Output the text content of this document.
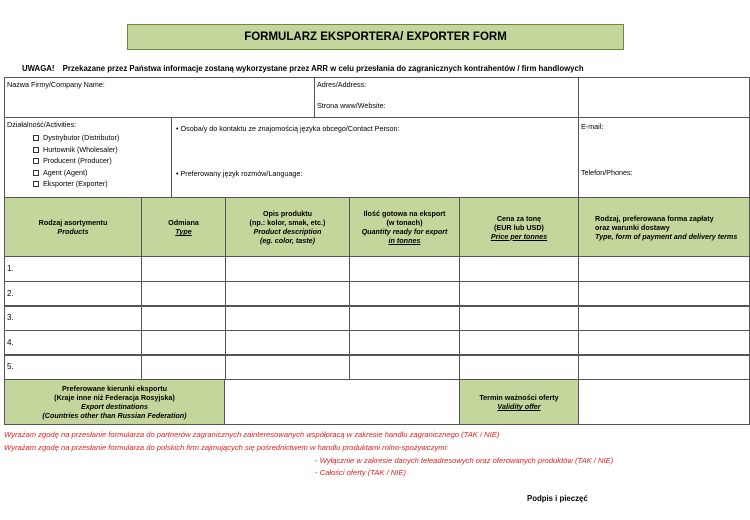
FORMULARZ EKSPORTERA/ EXPORTER FORM
UWAGA! Przekazane przez Państwa informacje zostaną wykorzystane przez ARR w celu przesłania do zagranicznych kontrahentów / firm handlowych
Nazwa Firmy/Company Name:	Adres/Address:
Strona www/Website:
Działalność/Activities:
Dystrybutor (Distributor)
Hurtownik (Wholesaler)
Producent (Producer)
Agent (Agent)
Eksporter (Exporter)
• Osoba/y do kontaktu ze znajomością języka obcego/Contact Person:
• Preferowany język rozmów/Language:
E-mail:
Telefon/Phones:
Rodzaj asortymentu
Products
Odmiana
Type
Opis produktu
(np.: kolor, smak, etc.)
Product description
(eg. color, taste)
Ilość gotowa na eksport
(w tonach)
Quantity ready for export
in tonnes
Cena za tonę
(EUR lub USD)
Price per tonnes
Rodzaj, preferowana forma zapłaty
oraz warunki dostawy
Type, form of payment and delivery terms
1.
2.
3.
4.
5.
Preferowane kierunki eksportu
(Kraje inne niż Federacja Rosyjska)
Export destinations
(Countries other than Russian Federation)
Termin ważności oferty
Validity offer
Wyrażam zgodę na przesłanie formularza do partnerów zagranicznych zainteresowanych współpracą w zakresie handlu zagranicznego (TAK / NIE)
Wyrażam zgodę na przesłanie formularza do polskich firm zajmujących się pośrednictwem w handlu produktami rolno-spożywczymi:
- Wyłącznie w zakresie danych teleadresowych oraz oferowanych produktów (TAK / NIE)
- Całości oferty (TAK / NIE)
Podpis i pieczęć
